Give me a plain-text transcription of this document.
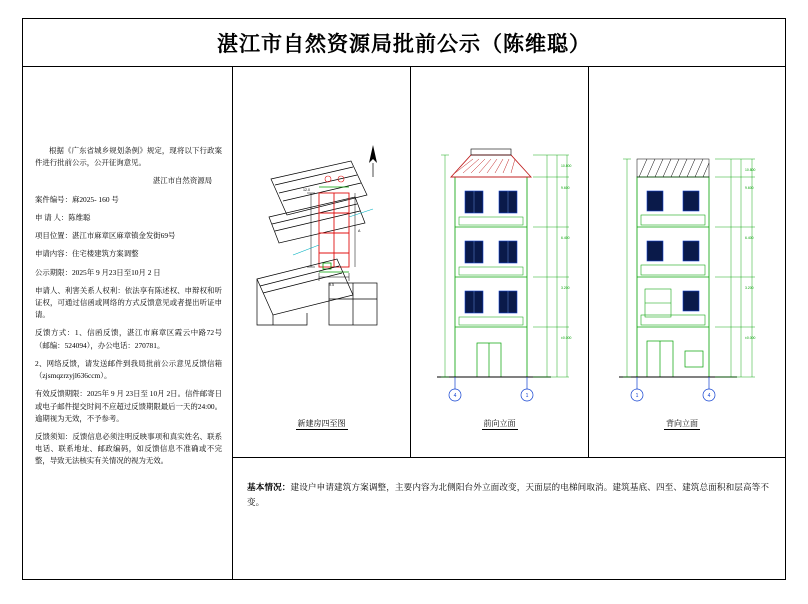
湛江市自然资源局批前公示（陈维聪）

根据《广东省城乡规划条例》规定，现将以下行政案件进行批前公示，公开征询意见。

湛江市自然资源局

案件编号：麻2025- 160 号

申 请 人：陈维聪

项目位置：湛江市麻章区麻章镇金发街69号

申请内容：住宅楼建筑方案调整

公示期限：2025年 9 月23日至10月 2 日

申请人、利害关系人权利：依法享有陈述权、申辩权和听证权，可通过信函或网络的方式反馈意见或者提出听证申请。

反馈方式：1、信函反馈，湛江市麻章区霞云中路72号（邮编：524094），办公电话：270781。

2、网络反馈，请发送邮件到我局批前公示意见反馈信箱（zjsmqzrzyjl636ccm）。

有效反馈期限：2025年 9 月 23日至 10月 2日。信件邮寄日或电子邮件提交时间不应超过反馈期限最后一天的24:00。逾期视为无效，不予参考。

反馈须知：反馈信息必须注明反映事项和真实姓名、联系电话、联系地址、邮政编码，如反馈信息不准确或不完整，导致无法核实有关情况的视为无效。

12.0
9.5
A
新建房四至图
4	1
10.800
9.600
6.400
3.200
±0.000
前向立面
1	4
10.800
9.600
6.400
3.200
±0.000
背向立面
基本情况：建设户申请建筑方案调整，主要内容为北侧阳台外立面改变，天面层的电梯间取消。建筑基底、四至、建筑总面积和层高等不变。
